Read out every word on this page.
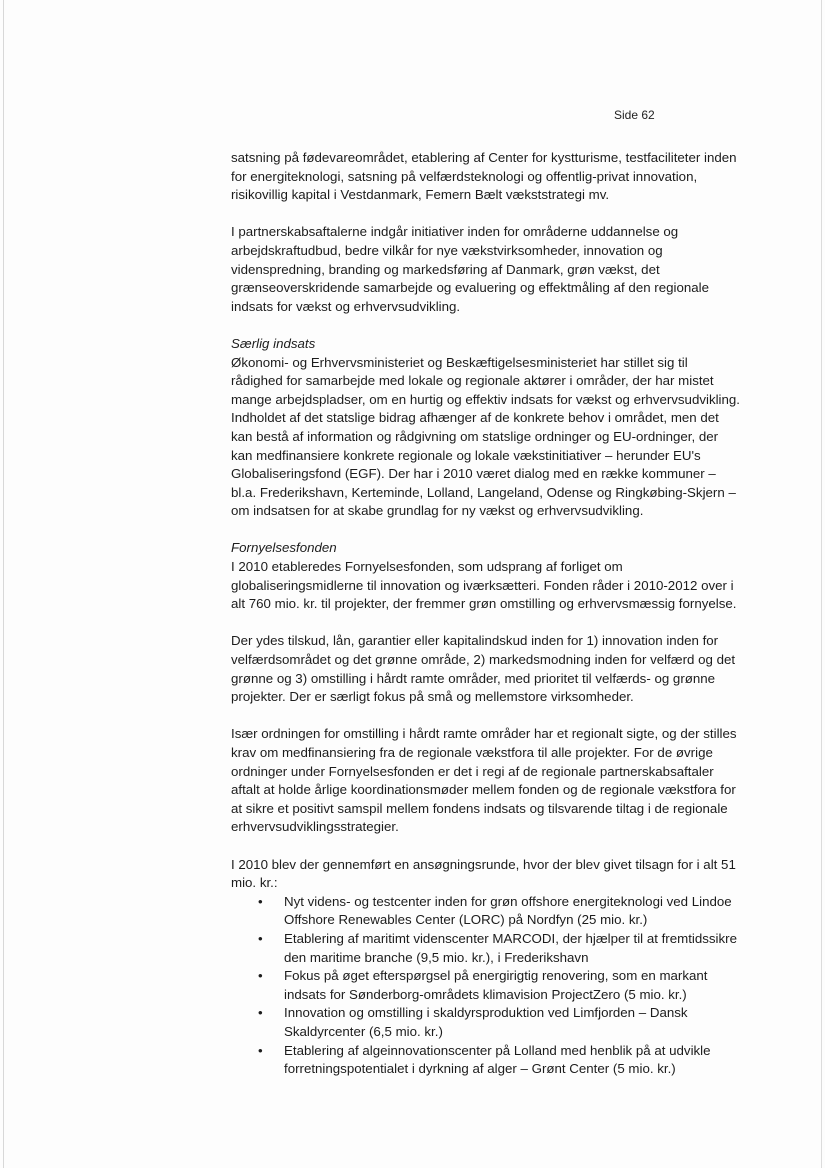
Side 62

satsning på fødevareområdet, etablering af Center for kystturisme, testfaciliteter inden for energiteknologi, satsning på velfærdsteknologi og offentlig-privat innovation, risikovillig kapital i Vestdanmark, Femern Bælt vækststrategi mv.

I partnerskabsaftalerne indgår initiativer inden for områderne uddannelse og arbejdskraftudbud, bedre vilkår for nye vækstvirksomheder, innovation og videnspredning, branding og markedsføring af Danmark, grøn vækst, det grænseoverskridende samarbejde og evaluering og effektmåling af den regionale indsats for vækst og erhvervsudvikling.

Særlig indsats

Økonomi- og Erhvervsministeriet og Beskæftigelsesministeriet har stillet sig til rådighed for samarbejde med lokale og regionale aktører i områder, der har mistet mange arbejdspladser, om en hurtig og effektiv indsats for vækst og erhvervsudvikling. Indholdet af det statslige bidrag afhænger af de konkrete behov i området, men det kan bestå af information og rådgivning om statslige ordninger og EU-ordninger, der kan medfinansiere konkrete regionale og lokale vækstinitiativer – herunder EU's Globaliseringsfond (EGF). Der har i 2010 været dialog med en række kommuner – bl.a. Frederikshavn, Kerteminde, Lolland, Langeland, Odense og Ringkøbing-Skjern – om indsatsen for at skabe grundlag for ny vækst og erhvervsudvikling.

Fornyelsesfonden

I 2010 etableredes Fornyelsesfonden, som udsprang af forliget om globaliseringsmidlerne til innovation og iværksætteri. Fonden råder i 2010-2012 over i alt 760 mio. kr. til projekter, der fremmer grøn omstilling og erhvervsmæssig fornyelse.

Der ydes tilskud, lån, garantier eller kapitalindskud inden for 1) innovation inden for velfærdsområdet og det grønne område, 2) markedsmodning inden for velfærd og det grønne og 3) omstilling i hårdt ramte områder, med prioritet til velfærds- og grønne projekter. Der er særligt fokus på små og mellemstore virksomheder.

Især ordningen for omstilling i hårdt ramte områder har et regionalt sigte, og der stilles krav om medfinansiering fra de regionale vækstfora til alle projekter. For de øvrige ordninger under Fornyelsesfonden er det i regi af de regionale partnerskabsaftaler aftalt at holde årlige koordinationsmøder mellem fonden og de regionale vækstfora for at sikre et positivt samspil mellem fondens indsats og tilsvarende tiltag i de regionale erhvervsudviklingsstrategier.

I 2010 blev der gennemført en ansøgningsrunde, hvor der blev givet tilsagn for i alt 51 mio. kr.:

• Nyt videns- og testcenter inden for grøn offshore energiteknologi ved Lindoe Offshore Renewables Center (LORC) på Nordfyn (25 mio. kr.)
• Etablering af maritimt videnscenter MARCODI, der hjælper til at fremtidssikre den maritime branche (9,5 mio. kr.), i Frederikshavn
• Fokus på øget efterspørgsel på energirigtig renovering, som en markant indsats for Sønderborg-områdets klimavision ProjectZero (5 mio. kr.)
• Innovation og omstilling i skaldyrsproduktion ved Limfjorden – Dansk Skaldyrcenter (6,5 mio. kr.)
• Etablering af algeinnovationscenter på Lolland med henblik på at udvikle forretningspotentialet i dyrkning af alger – Grønt Center (5 mio. kr.)
